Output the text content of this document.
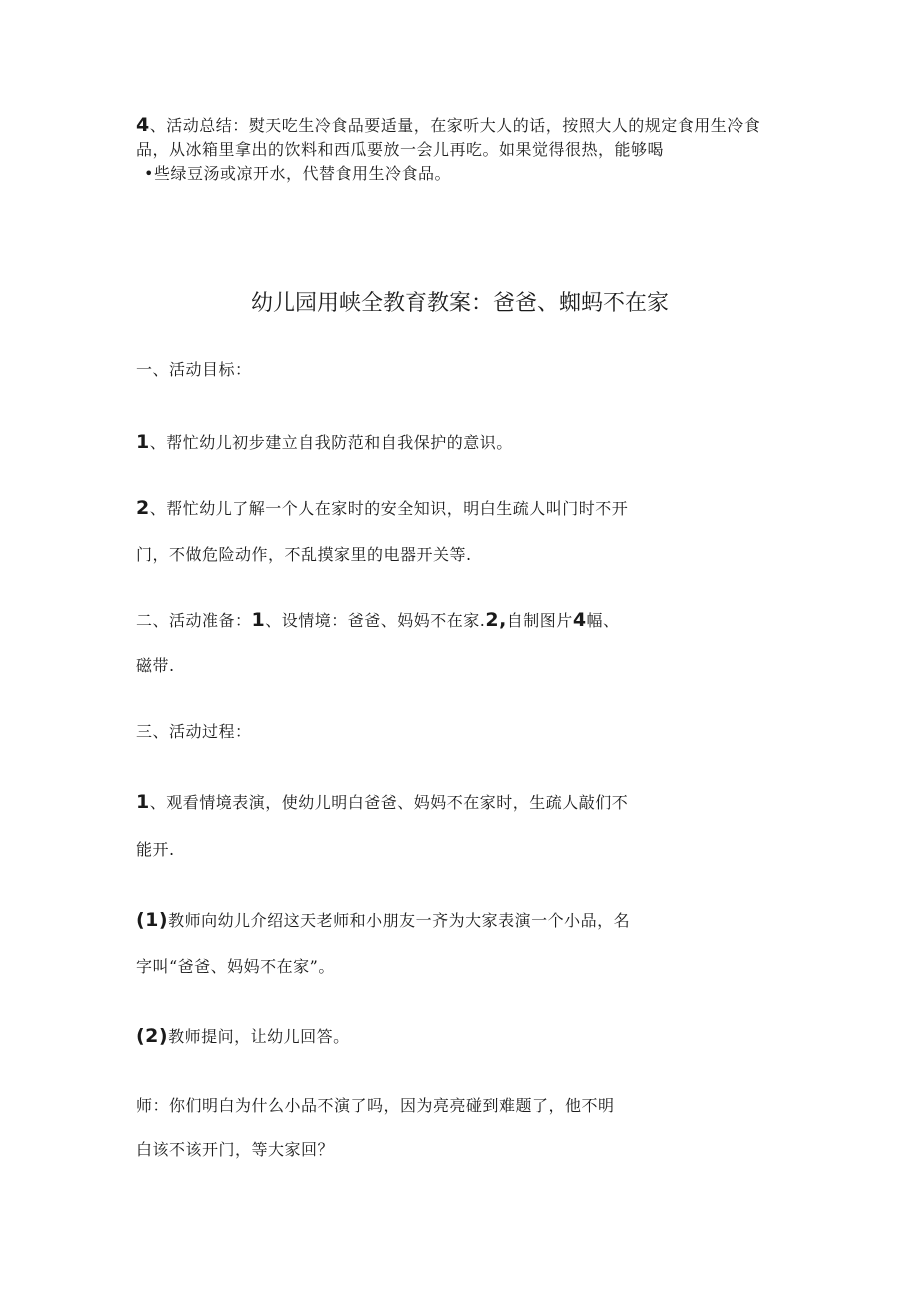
4、活动总结：熨天吃生冷食品要适量，在家听大人的话，按照大人的规定食用生冷食
品，从冰箱里拿出的饮料和西瓜要放一会儿再吃。如果觉得很热，能够喝
•些绿豆汤或凉开水，代替食用生冷食品。
幼儿园用峡全教育教案：爸爸、蜘蚂不在家
一、活动目标：
1、帮忙幼儿初步建立自我防范和自我保护的意识。
2、帮忙幼儿了解一个人在家时的安全知识，明白生疏人叫门时不开
门，不做危险动作，不乱摸家里的电器开关等.
二、活动准备：1、设情境：爸爸、妈妈不在家.2,自制图片4幅、
磁带.
三、活动过程：
1、观看情境表演，使幼儿明白爸爸、妈妈不在家时，生疏人敲们不
能开.
(1)教师向幼儿介绍这天老师和小朋友一齐为大家表演一个小品，名
字叫“爸爸、妈妈不在家”。
(2)教师提问，让幼儿回答。
师：你们明白为什么小品不演了吗，因为亮亮碰到难题了，他不明
白该不该开门，等大家回？
